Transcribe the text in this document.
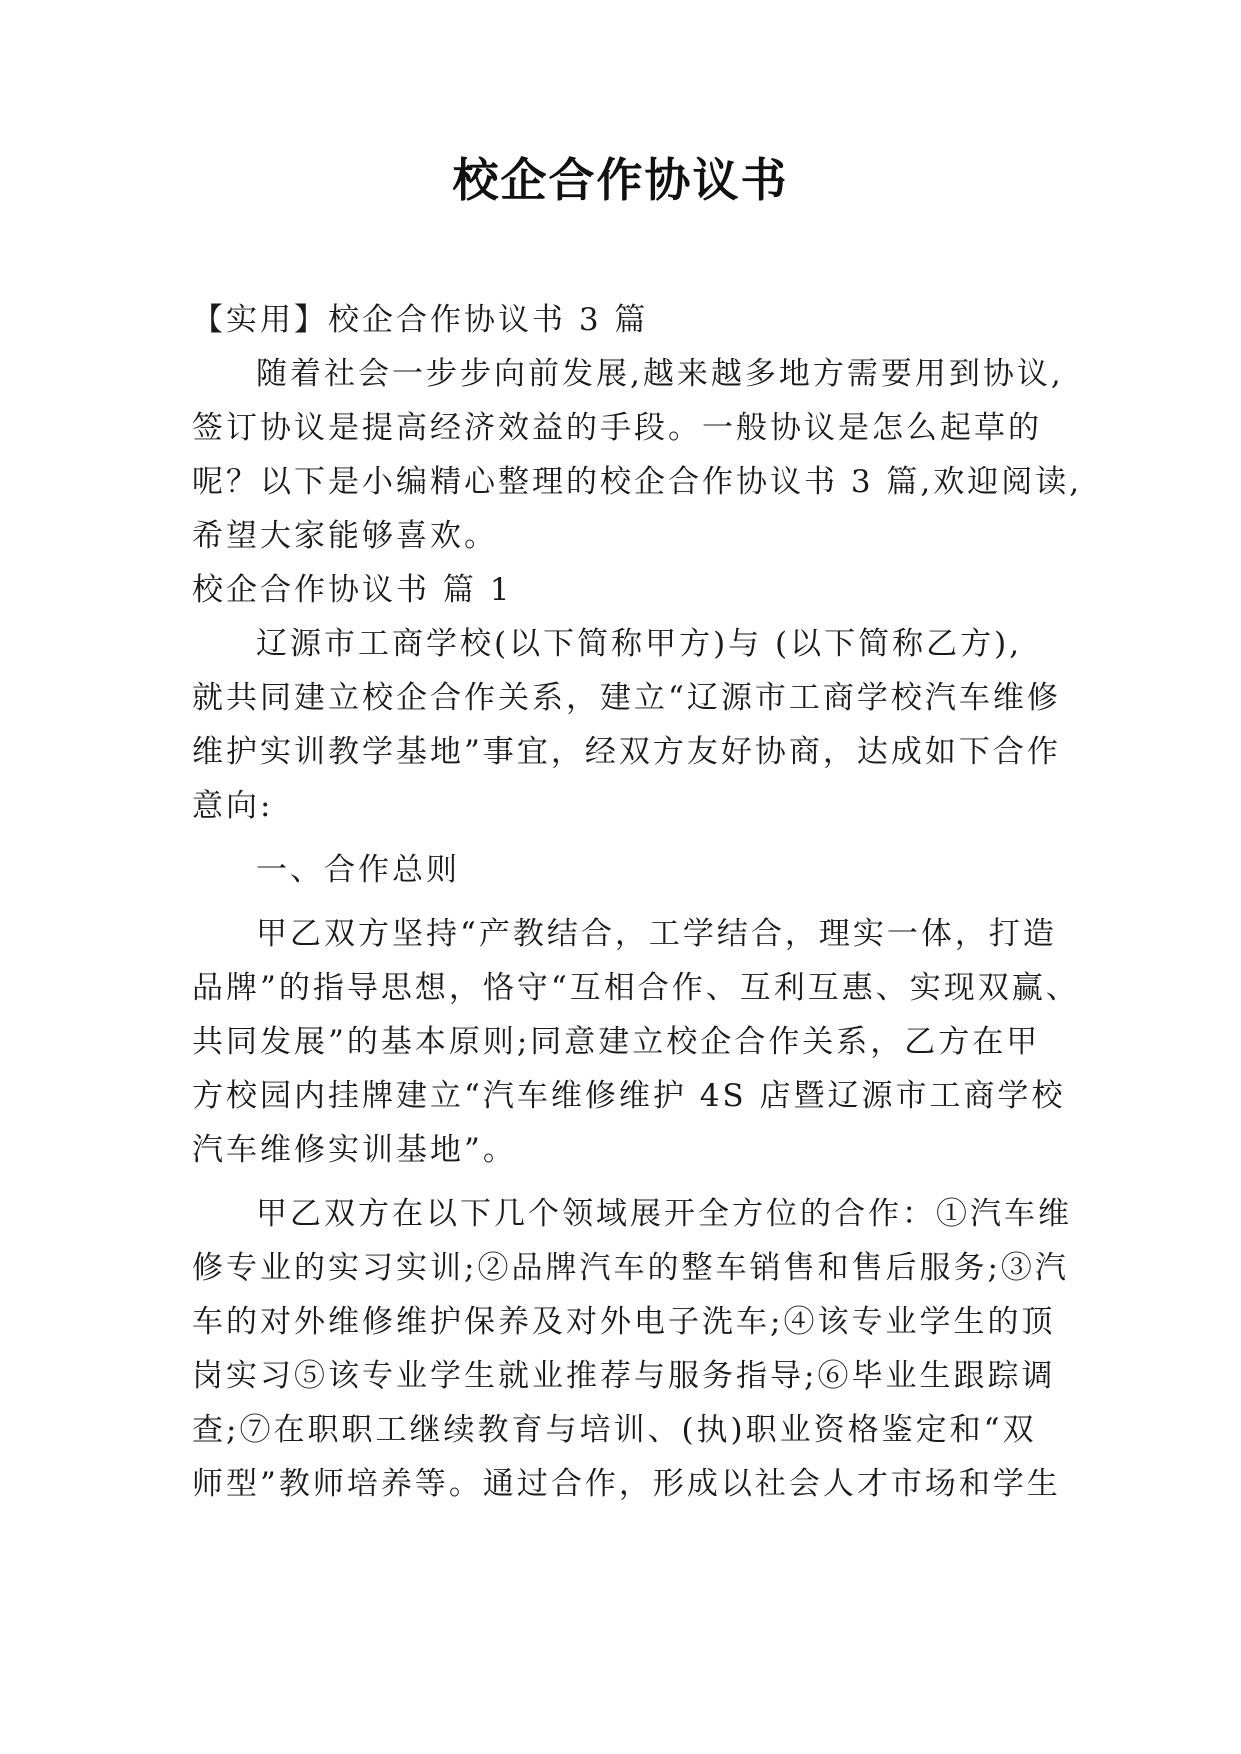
校企合作协议书

【实用】校企合作协议书 3 篇

随着社会一步步向前发展,越来越多地方需要用到协议,

签订协议是提高经济效益的手段。一般协议是怎么起草的

呢？以下是小编精心整理的校企合作协议书 3 篇,欢迎阅读,

希望大家能够喜欢。

校企合作协议书 篇 1

辽源市工商学校(以下简称甲方)与 (以下简称乙方),

就共同建立校企合作关系，建立“辽源市工商学校汽车维修

维护实训教学基地”事宜，经双方友好协商，达成如下合作

意向:

一、合作总则

甲乙双方坚持“产教结合，工学结合，理实一体，打造

品牌”的指导思想，恪守“互相合作、互利互惠、实现双赢、

共同发展”的基本原则;同意建立校企合作关系，乙方在甲

方校园内挂牌建立“汽车维修维护 4S 店暨辽源市工商学校

汽车维修实训基地”。

甲乙双方在以下几个领域展开全方位的合作：①汽车维

修专业的实习实训;②品牌汽车的整车销售和售后服务;③汽

车的对外维修维护保养及对外电子洗车;④该专业学生的顶

岗实习⑤该专业学生就业推荐与服务指导;⑥毕业生跟踪调

查;⑦在职职工继续教育与培训、(执)职业资格鉴定和“双

师型”教师培养等。通过合作，形成以社会人才市场和学生
